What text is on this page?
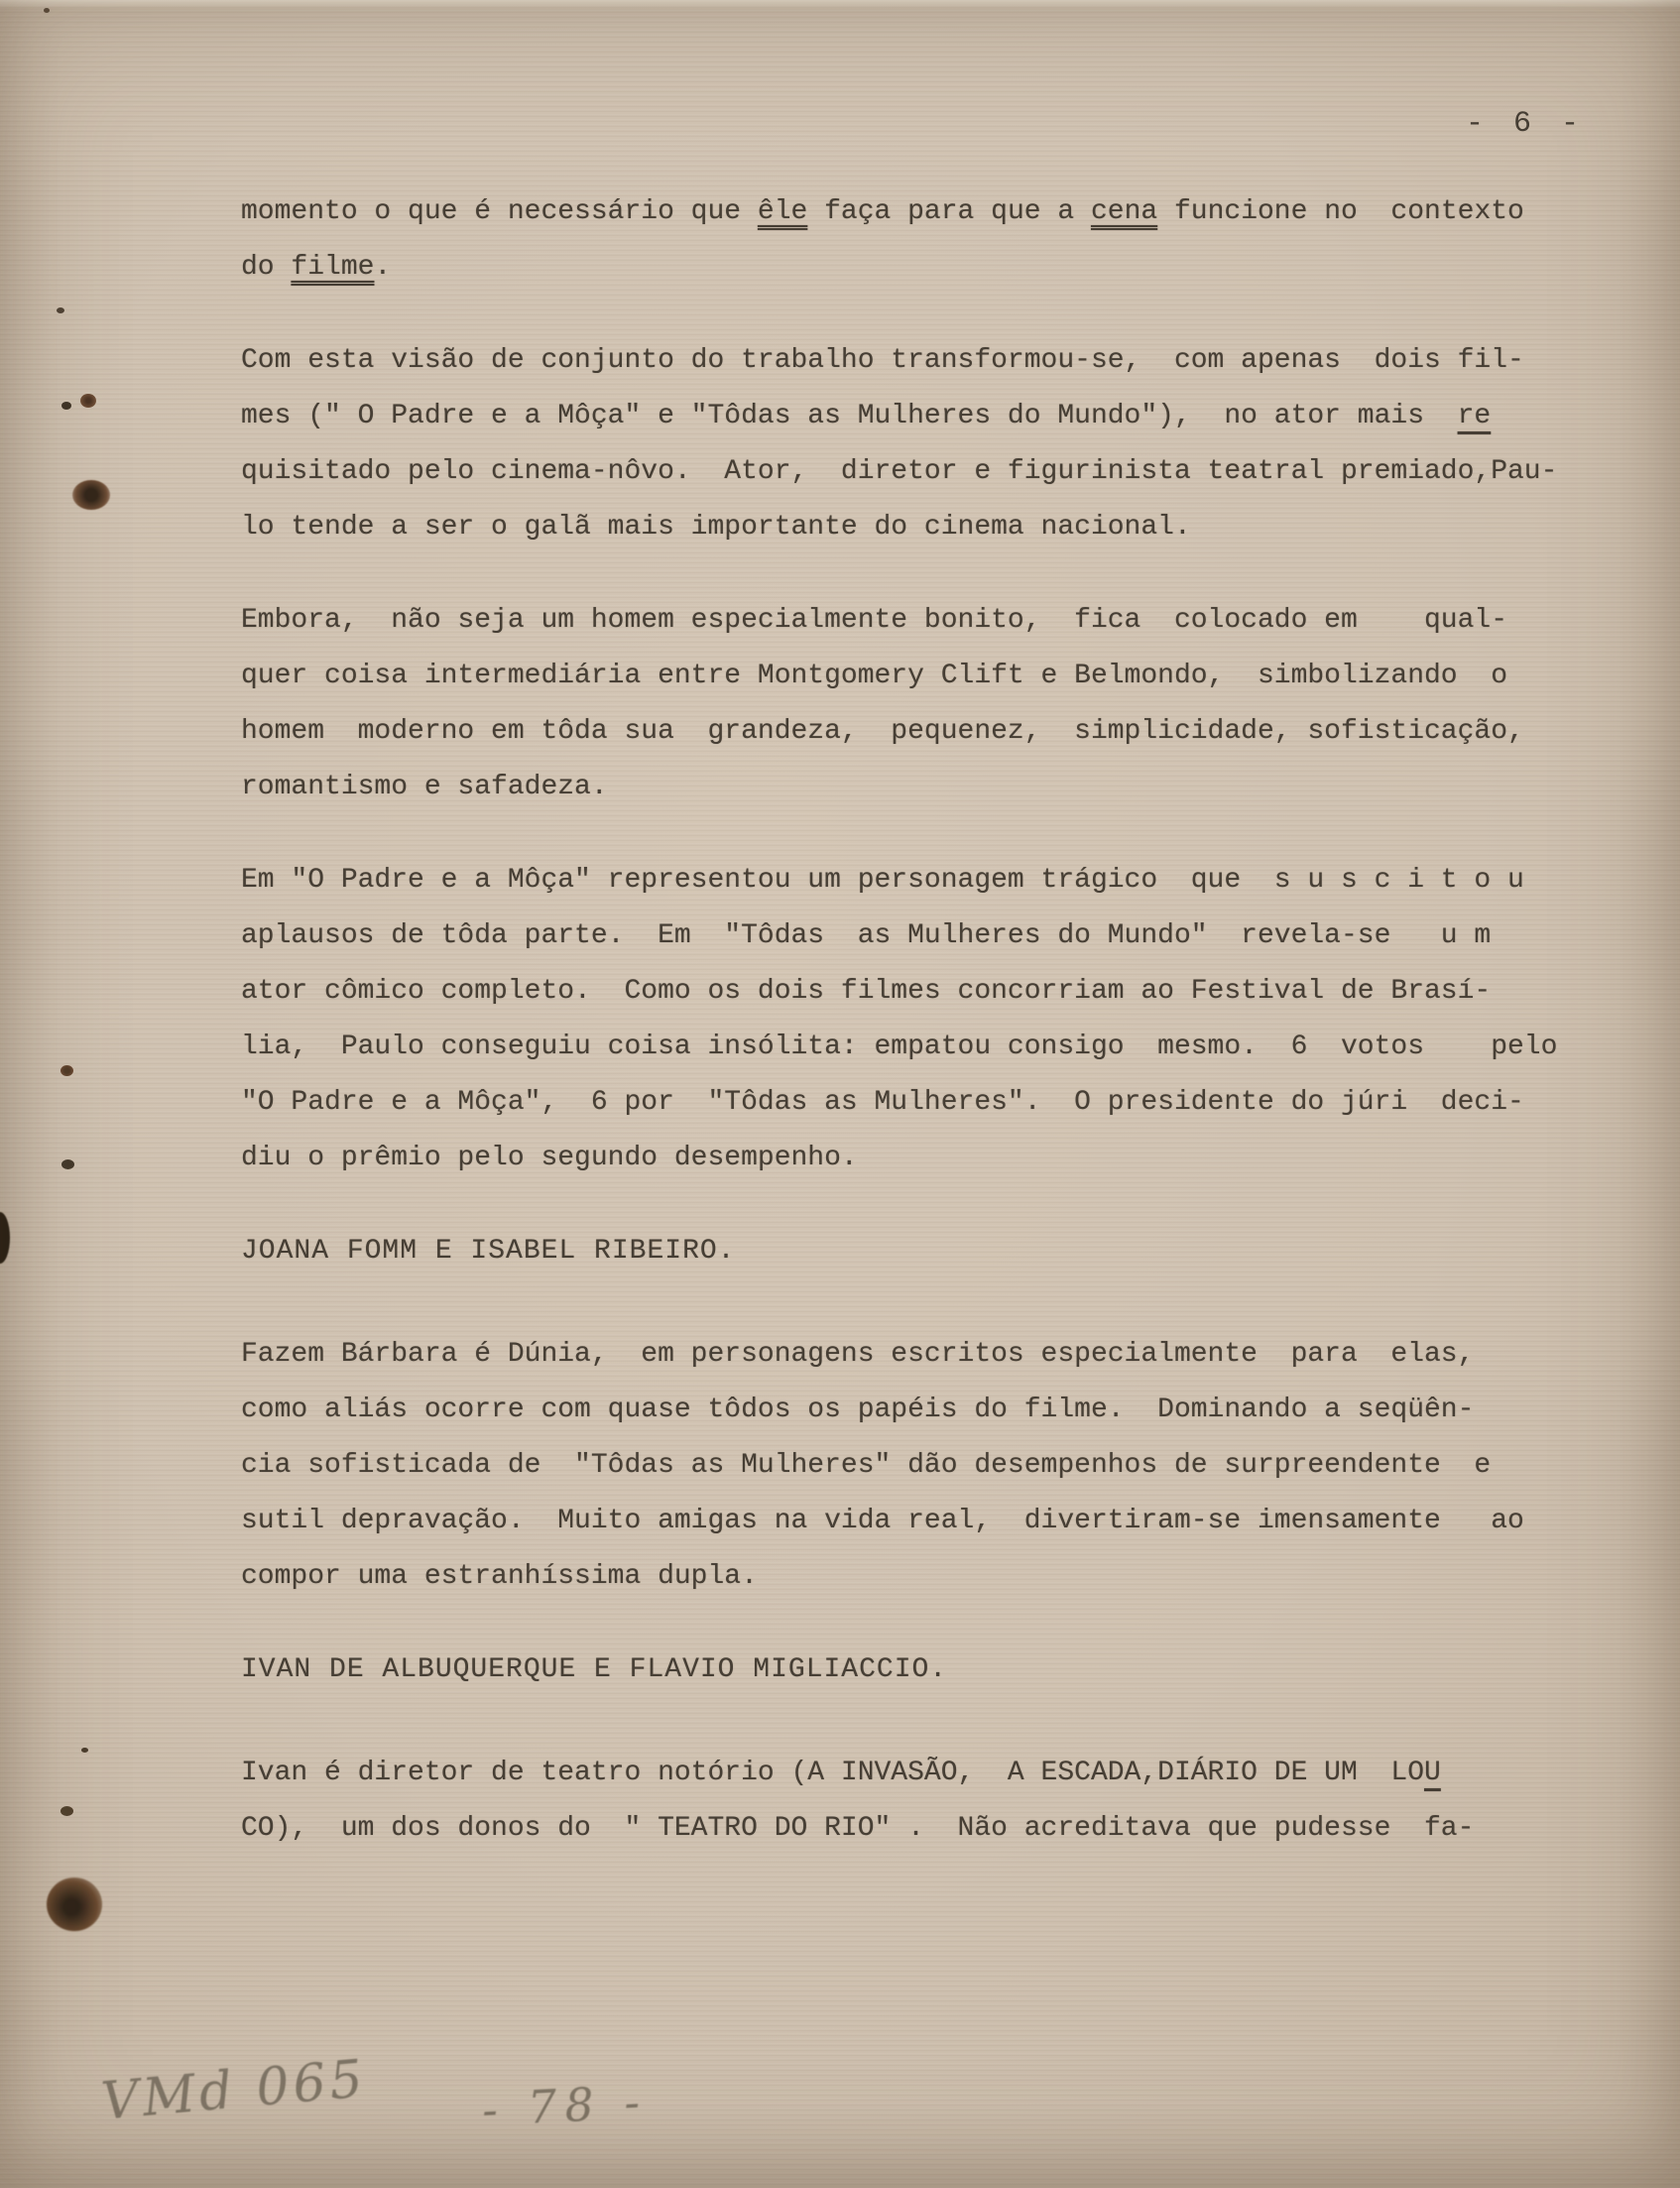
- 6 -
momento o que é necessário que êle faça para que a cena funcione no  contexto
do filme.
Com esta visão de conjunto do trabalho transformou-se,  com apenas  dois fil-
mes (" O Padre e a Môça" e "Tôdas as Mulheres do Mundo"),  no ator mais  re
quisitado pelo cinema-nôvo.  Ator,  diretor e figurinista teatral premiado,Pau-
lo tende a ser o galã mais importante do cinema nacional.
Embora,  não seja um homem especialmente bonito,  fica  colocado em    qual-
quer coisa intermediária entre Montgomery Clift e Belmondo,  simbolizando  o
homem  moderno em tôda sua  grandeza,  pequenez,  simplicidade, sofisticação,
romantismo e safadeza.
Em "O Padre e a Môça" representou um personagem trágico  que  s u s c i t o u
aplausos de tôda parte.  Em  "Tôdas  as Mulheres do Mundo"  revela-se   u m
ator cômico completo.  Como os dois filmes concorriam ao Festival de Brasí-
lia,  Paulo conseguiu coisa insólita: empatou consigo  mesmo.  6  votos    pelo
"O Padre e a Môça",  6 por  "Tôdas as Mulheres".  O presidente do júri  deci-
diu o prêmio pelo segundo desempenho.
JOANA FOMM E ISABEL RIBEIRO.
Fazem Bárbara é Dúnia,  em personagens escritos especialmente  para  elas,
como aliás ocorre com quase tôdos os papéis do filme.  Dominando a seqüên-
cia sofisticada de  "Tôdas as Mulheres" dão desempenhos de surpreendente  e
sutil depravação.  Muito amigas na vida real,  divertiram-se imensamente   ao
compor uma estranhíssima dupla.
IVAN DE ALBUQUERQUE E FLAVIO MIGLIACCIO.
Ivan é diretor de teatro notório (A INVASÃO,  A ESCADA,DIÁRIO DE UM  LOU
CO),  um dos donos do  " TEATRO DO RIO" .  Não acreditava que pudesse  fa-
VMd 065 - 78 -
